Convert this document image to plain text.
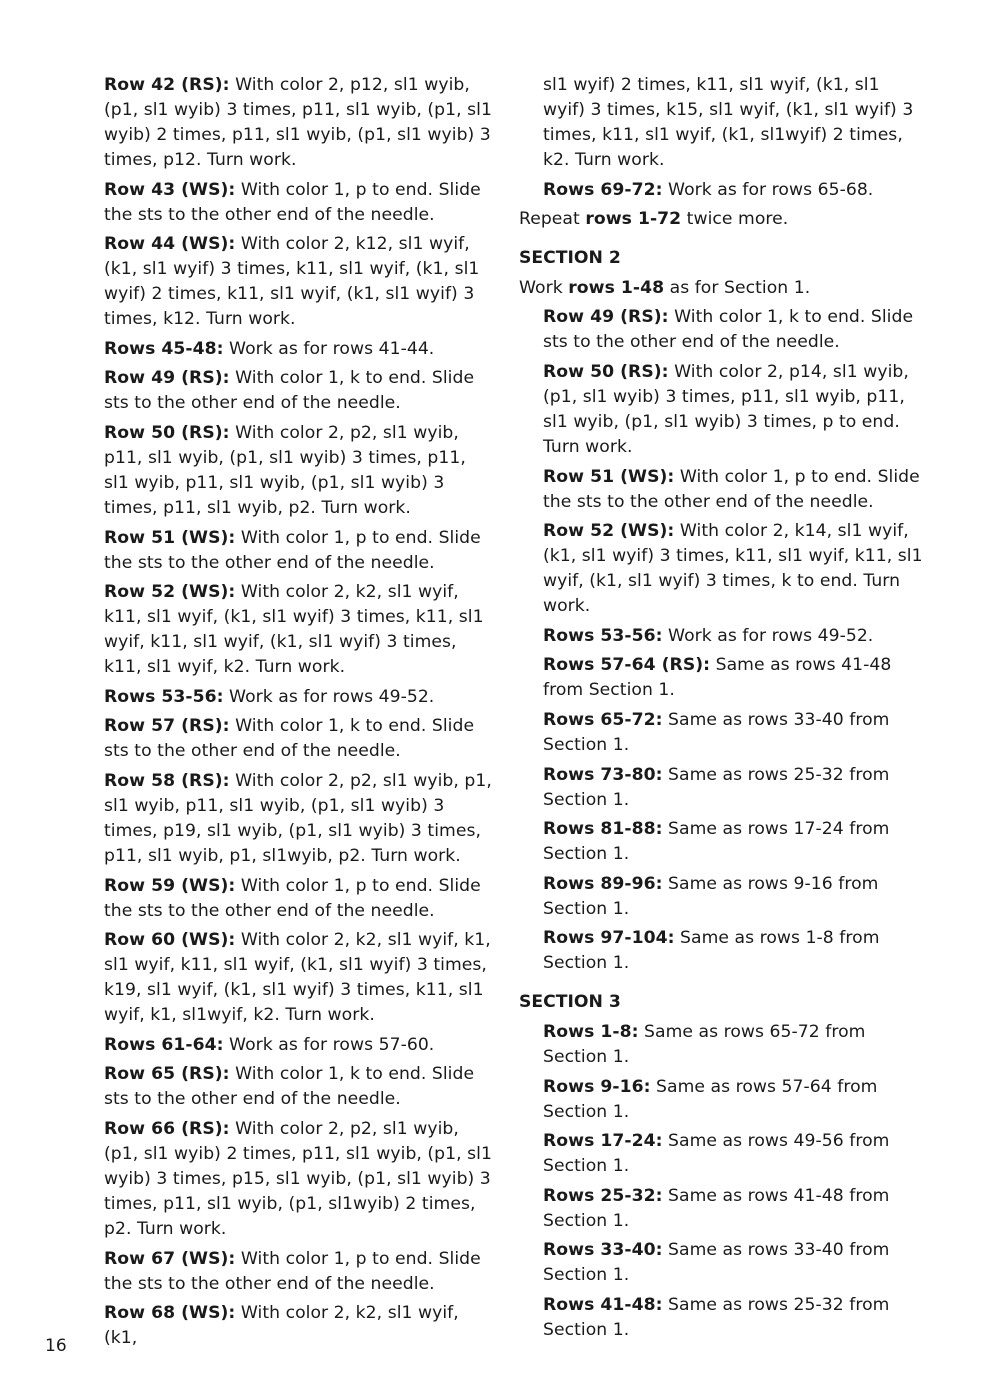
Row 42 (RS): With color 2, p12, sl1 wyib, (p1, sl1 wyib) 3 times, p11, sl1 wyib, (p1, sl1 wyib) 2 times, p11, sl1 wyib, (p1, sl1 wyib) 3 times, p12. Turn work.

Row 43 (WS): With color 1, p to end. Slide the sts to the other end of the needle.

Row 44 (WS): With color 2, k12, sl1 wyif, (k1, sl1 wyif) 3 times, k11, sl1 wyif, (k1, sl1 wyif) 2 times, k11, sl1 wyif, (k1, sl1 wyif) 3 times, k12. Turn work.

Rows 45-48: Work as for rows 41-44.

Row 49 (RS): With color 1, k to end. Slide sts to the other end of the needle.

Row 50 (RS): With color 2, p2, sl1 wyib, p11, sl1 wyib, (p1, sl1 wyib) 3 times, p11, sl1 wyib, p11, sl1 wyib, (p1, sl1 wyib) 3 times, p11, sl1 wyib, p2. Turn work.

Row 51 (WS): With color 1, p to end. Slide the sts to the other end of the needle.

Row 52 (WS): With color 2, k2, sl1 wyif, k11, sl1 wyif, (k1, sl1 wyif) 3 times, k11, sl1 wyif, k11, sl1 wyif, (k1, sl1 wyif) 3 times, k11, sl1 wyif, k2. Turn work.

Rows 53-56: Work as for rows 49-52.

Row 57 (RS): With color 1, k to end. Slide sts to the other end of the needle.

Row 58 (RS): With color 2, p2, sl1 wyib, p1, sl1 wyib, p11, sl1 wyib, (p1, sl1 wyib) 3 times, p19, sl1 wyib, (p1, sl1 wyib) 3 times, p11, sl1 wyib, p1, sl1wyib, p2. Turn work.

Row 59 (WS): With color 1, p to end. Slide the sts to the other end of the needle.

Row 60 (WS): With color 2, k2, sl1 wyif, k1, sl1 wyif, k11, sl1 wyif, (k1, sl1 wyif) 3 times, k19, sl1 wyif, (k1, sl1 wyif) 3 times, k11, sl1 wyif, k1, sl1wyif, k2. Turn work.

Rows 61-64: Work as for rows 57-60.

Row 65 (RS): With color 1, k to end. Slide sts to the other end of the needle.

Row 66 (RS): With color 2, p2, sl1 wyib, (p1, sl1 wyib) 2 times, p11, sl1 wyib, (p1, sl1 wyib) 3 times, p15, sl1 wyib, (p1, sl1 wyib) 3 times, p11, sl1 wyib, (p1, sl1wyib) 2 times, p2. Turn work.

Row 67 (WS): With color 1, p to end. Slide the sts to the other end of the needle.

Row 68 (WS): With color 2, k2, sl1 wyif, (k1,

sl1 wyif) 2 times, k11, sl1 wyif, (k1, sl1 wyif) 3 times, k15, sl1 wyif, (k1, sl1 wyif) 3 times, k11, sl1 wyif, (k1, sl1wyif) 2 times, k2. Turn work.

Rows 69-72: Work as for rows 65-68.

Repeat rows 1-72 twice more.

SECTION 2

Work rows 1-48 as for Section 1.

Row 49 (RS): With color 1, k to end. Slide sts to the other end of the needle.

Row 50 (RS): With color 2, p14, sl1 wyib, (p1, sl1 wyib) 3 times, p11, sl1 wyib, p11, sl1 wyib, (p1, sl1 wyib) 3 times, p to end. Turn work.

Row 51 (WS): With color 1, p to end. Slide the sts to the other end of the needle.

Row 52 (WS): With color 2, k14, sl1 wyif, (k1, sl1 wyif) 3 times, k11, sl1 wyif, k11, sl1 wyif, (k1, sl1 wyif) 3 times, k to end. Turn work.

Rows 53-56: Work as for rows 49-52.

Rows 57-64 (RS): Same as rows 41-48 from Section 1.

Rows 65-72: Same as rows 33-40 from Section 1.

Rows 73-80: Same as rows 25-32 from Section 1.

Rows 81-88: Same as rows 17-24 from Section 1.

Rows 89-96: Same as rows 9-16 from Section 1.

Rows 97-104: Same as rows 1-8 from Section 1.

SECTION 3

Rows 1-8: Same as rows 65-72 from Section 1.

Rows 9-16: Same as rows 57-64 from Section 1.

Rows 17-24: Same as rows 49-56 from Section 1.

Rows 25-32: Same as rows 41-48 from Section 1.

Rows 33-40: Same as rows 33-40 from Section 1.

Rows 41-48: Same as rows 25-32 from Section 1.

16
